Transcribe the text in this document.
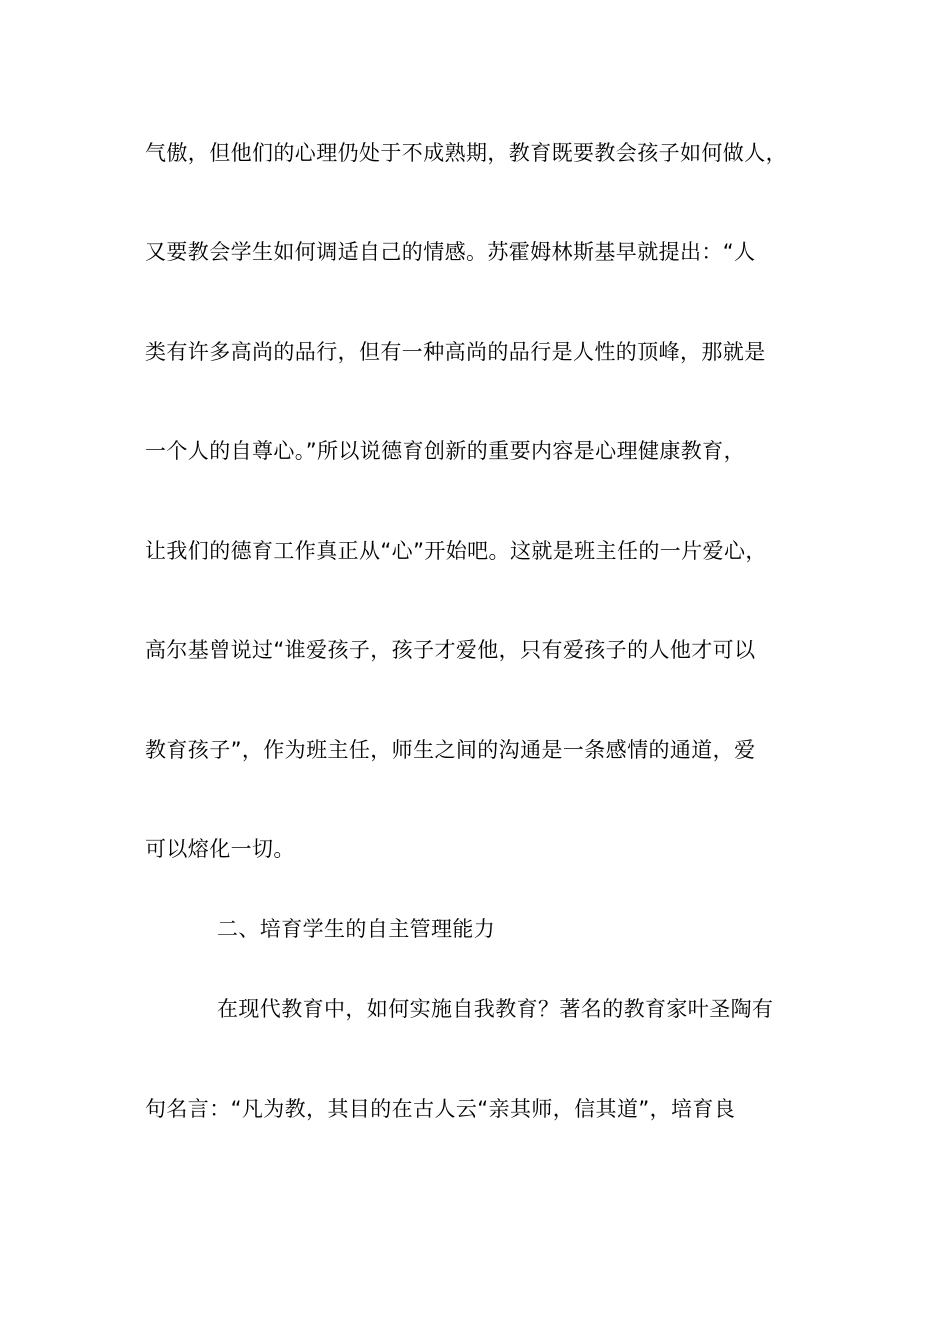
气傲，但他们的心理仍处于不成熟期，教育既要教会孩子如何做人，
又要教会学生如何调适自己的情感。苏霍姆林斯基早就提出：“人
类有许多高尚的品行，但有一种高尚的品行是人性的顶峰，那就是
一个人的自尊心。”所以说德育创新的重要内容是心理健康教育，
让我们的德育工作真正从“心”开始吧。这就是班主任的一片爱心，
高尔基曾说过“谁爱孩子，孩子才爱他，只有爱孩子的人他才可以
教育孩子”，作为班主任，师生之间的沟通是一条感情的通道，爱
可以熔化一切。
二、培育学生的自主管理能力
在现代教育中，如何实施自我教育？著名的教育家叶圣陶有
句名言：“凡为教，其目的在古人云“亲其师，信其道”，培育良
